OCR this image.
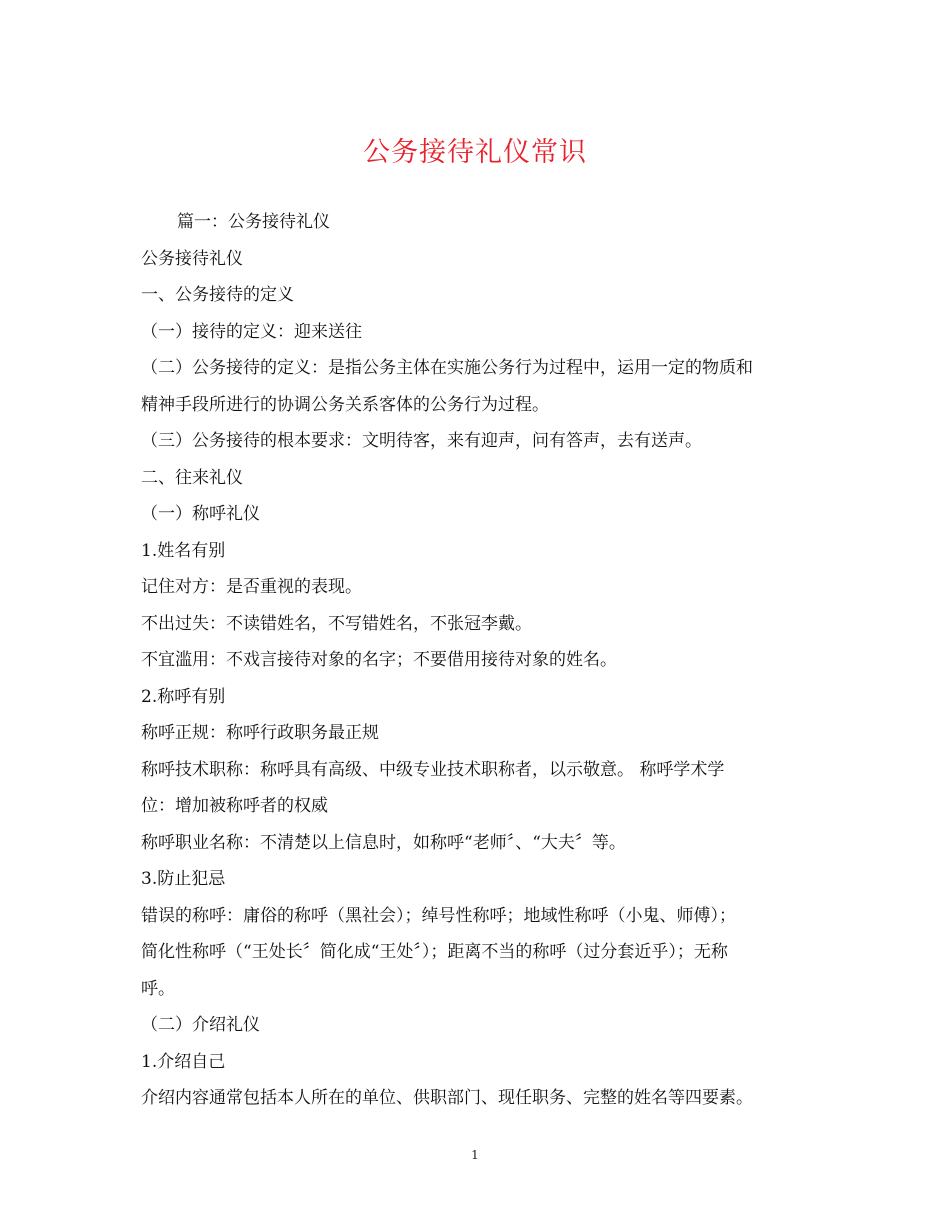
公务接待礼仪常识
篇一：公务接待礼仪
公务接待礼仪
一、公务接待的定义
（一）接待的定义：迎来送往
（二）公务接待的定义：是指公务主体在实施公务行为过程中，运用一定的物质和
精神手段所进行的协调公务关系客体的公务行为过程。
（三）公务接待的根本要求：文明待客，来有迎声，问有答声，去有送声。
二、往来礼仪
（一）称呼礼仪
1.姓名有别
记住对方：是否重视的表现。
不出过失：不读错姓名，不写错姓名，不张冠李戴。
不宜滥用：不戏言接待对象的名字；不要借用接待对象的姓名。
2.称呼有别
称呼正规：称呼行政职务最正规
称呼技术职称：称呼具有高级、中级专业技术职称者，以示敬意。 称呼学术学
位：增加被称呼者的权威
称呼职业名称：不清楚以上信息时，如称呼“老师〞、“大夫〞等。
3.防止犯忌
错误的称呼：庸俗的称呼（黑社会）；绰号性称呼；地域性称呼（小鬼、师傅）；
简化性称呼（“王处长〞简化成“王处〞）；距离不当的称呼（过分套近乎）；无称
呼。
（二）介绍礼仪
1.介绍自己
介绍内容通常包括本人所在的单位、供职部门、现任职务、完整的姓名等四要素。
1
